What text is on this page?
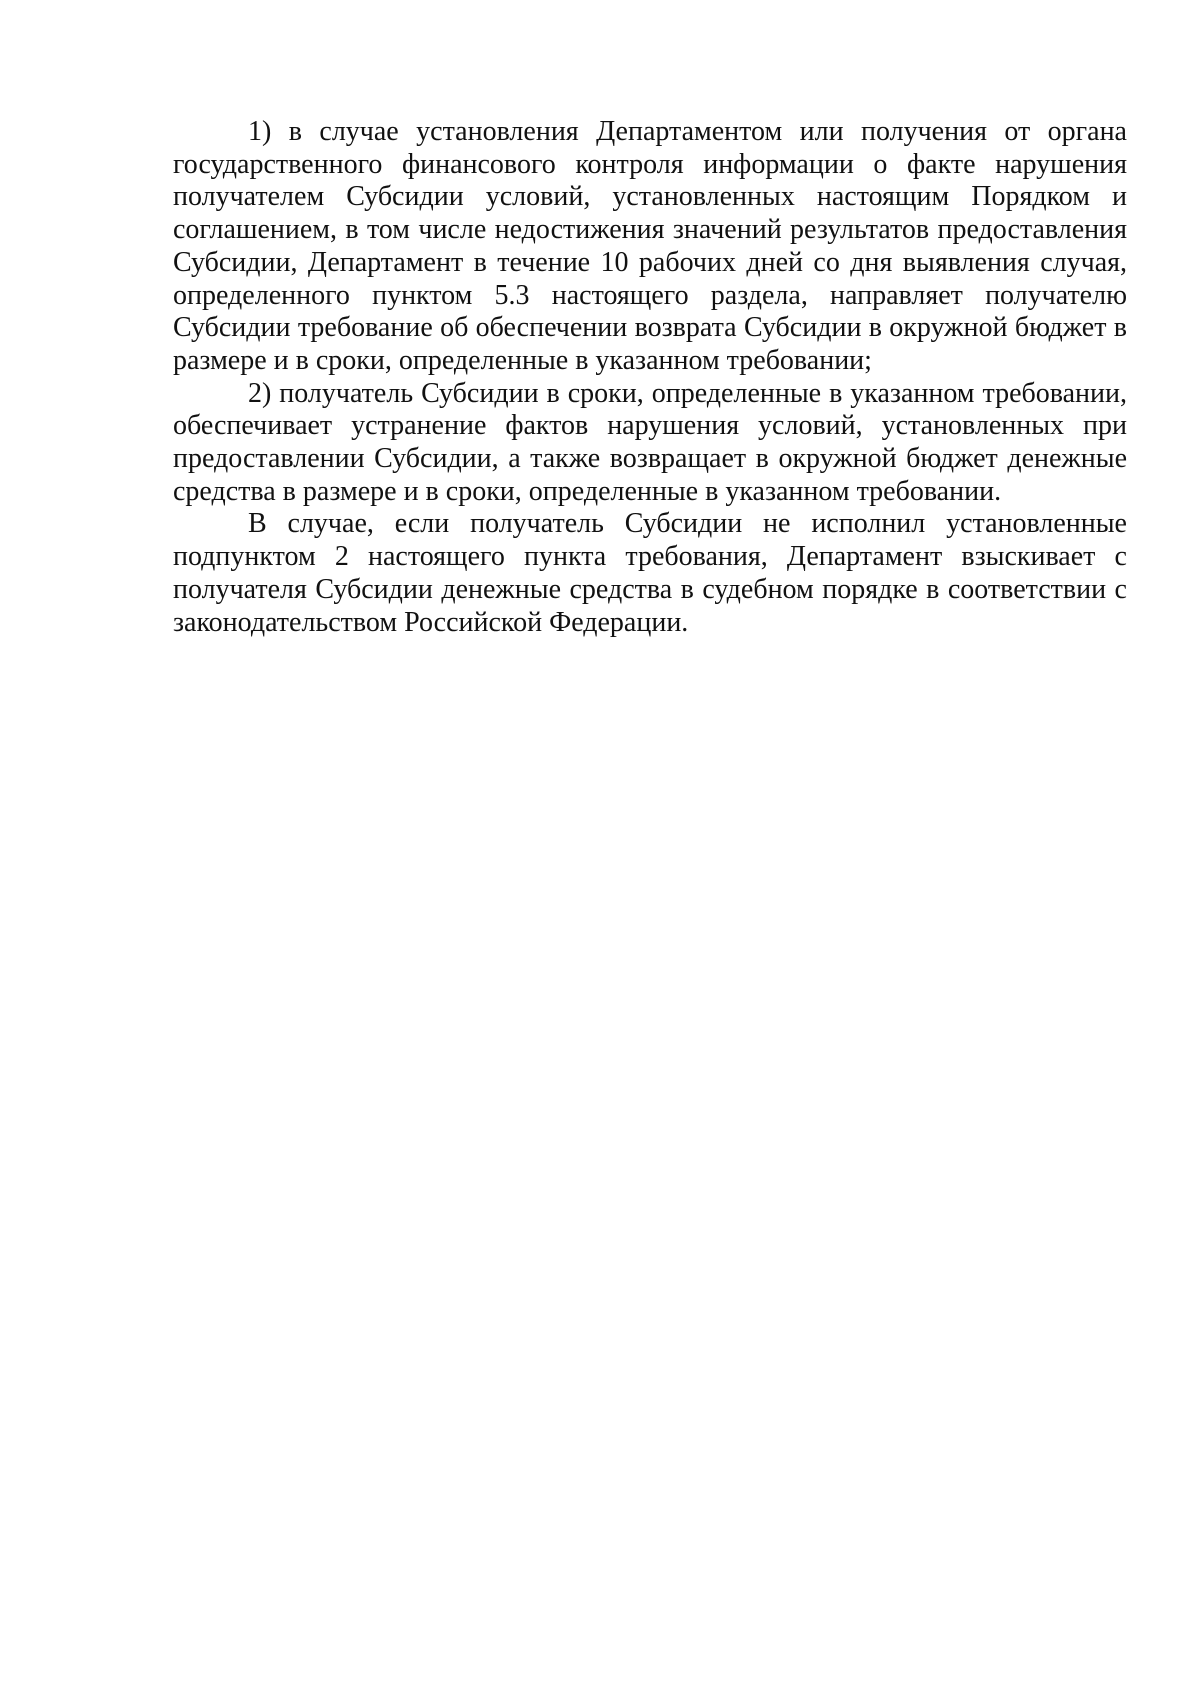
1) в случае установления Департаментом или получения от органа государственного финансового контроля информации о факте нарушения получателем Субсидии условий, установленных настоящим Порядком и соглашением, в том числе недостижения значений результатов предоставления Субсидии, Департамент в течение 10 рабочих дней со дня выявления случая, определенного пунктом 5.3 настоящего раздела, направляет получателю Субсидии требование об обеспечении возврата Субсидии в окружной бюджет в размере и в сроки, определенные в указанном требовании;

2) получатель Субсидии в сроки, определенные в указанном требовании, обеспечивает устранение фактов нарушения условий, установленных при предоставлении Субсидии, а также возвращает в окружной бюджет денежные средства в размере и в сроки, определенные в указанном требовании.

В случае, если получатель Субсидии не исполнил установленные подпунктом 2 настоящего пункта требования, Департамент взыскивает с получателя Субсидии денежные средства в судебном порядке в соответствии с законодательством Российской Федерации.
